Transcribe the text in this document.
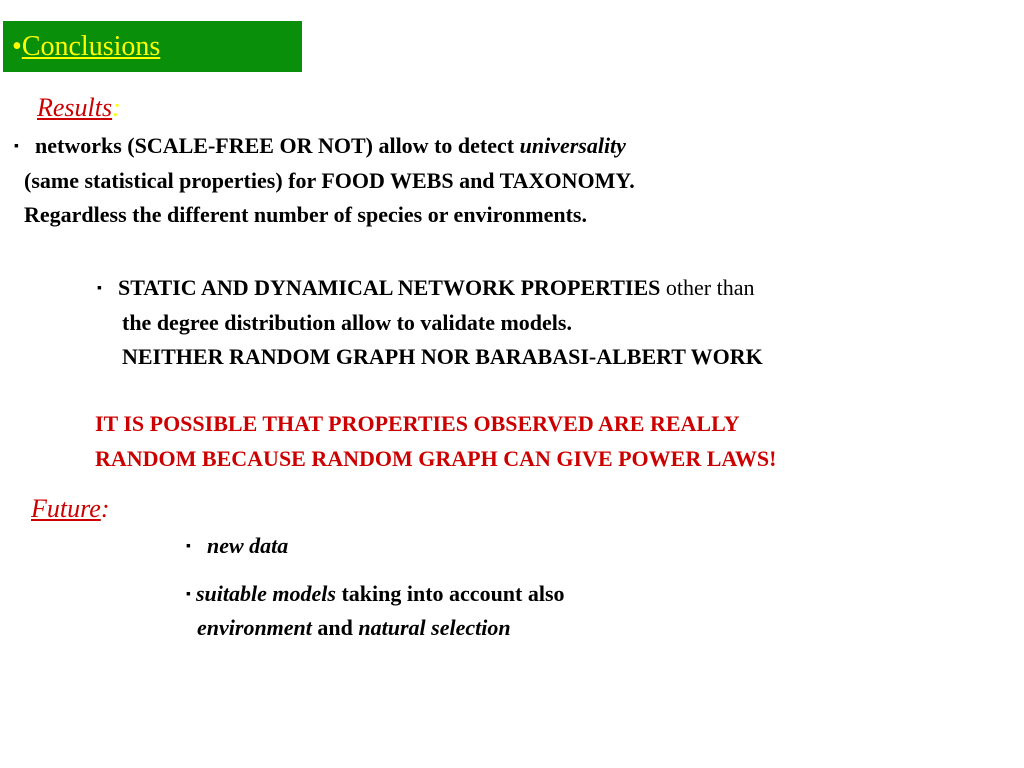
•Conclusions
Results:
▪ networks (SCALE-FREE OR NOT) allow to detect universality
(same statistical properties) for FOOD WEBS and TAXONOMY.
Regardless the different number of species or environments.
▪ STATIC AND DYNAMICAL NETWORK PROPERTIES other than
the degree distribution allow to validate models.
NEITHER RANDOM GRAPH NOR BARABASI-ALBERT WORK
IT IS POSSIBLE THAT PROPERTIES OBSERVED ARE REALLY
RANDOM BECAUSE RANDOM GRAPH CAN GIVE POWER LAWS!
Future:
▪ new data
▪ suitable models taking into account also
environment and natural selection
